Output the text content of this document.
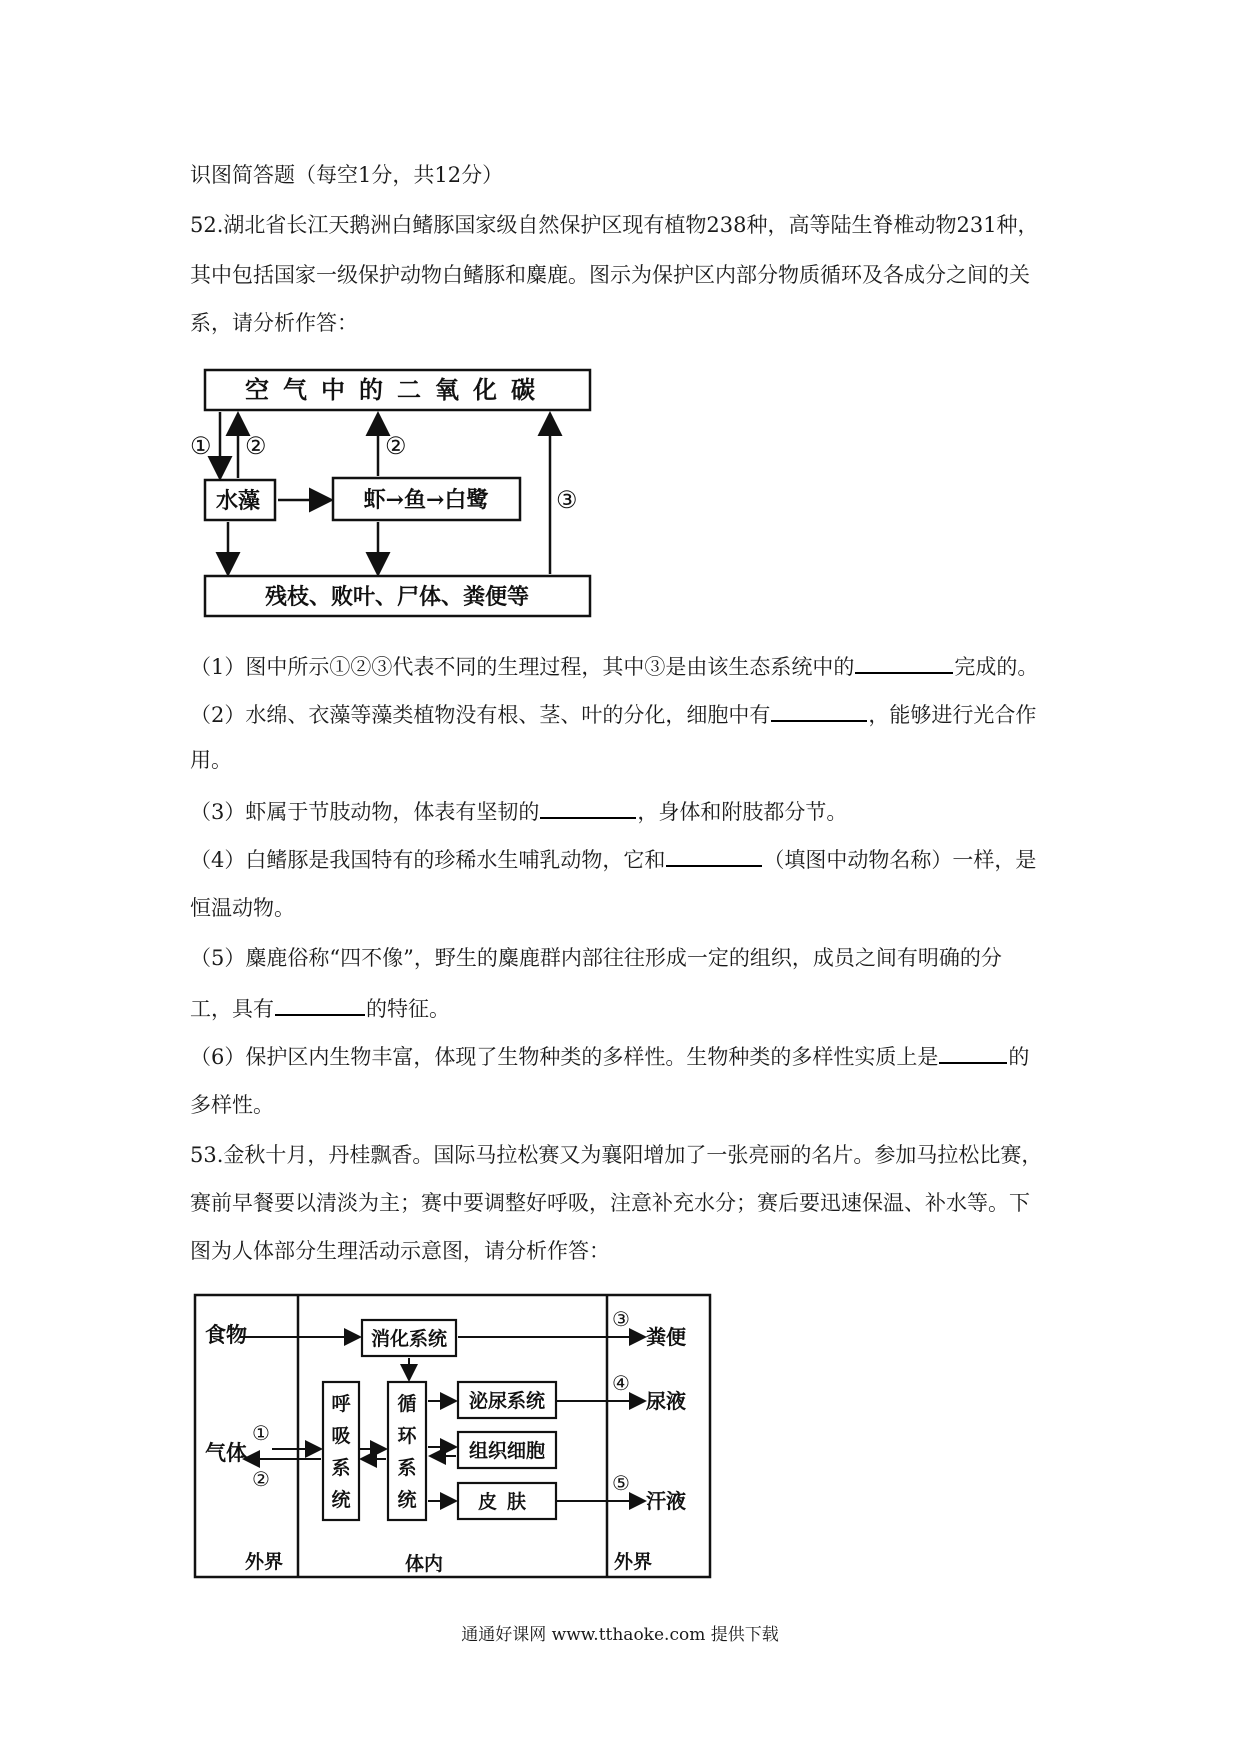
识图简答题（每空1分，共12分）
52.湖北省长江天鹅洲白鳍豚国家级自然保护区现有植物238种，高等陆生脊椎动物231种，
其中包括国家一级保护动物白鳍豚和麋鹿。图示为保护区内部分物质循环及各成分之间的关
系，请分析作答：
空气中的二氧化碳
水藻	虾→鱼→白鹭
残枝、败叶、尸体、粪便等
① ②	②
③
（1）图中所示①②③代表不同的生理过程，其中③是由该生态系统中的	完成的。
（2）水绵、衣藻等藻类植物没有根、茎、叶的分化，细胞中有	，能够进行光合作
用。
（3）虾属于节肢动物，体表有坚韧的	，身体和附肢都分节。
（4）白鳍豚是我国特有的珍稀水生哺乳动物，它和	（填图中动物名称）一样，是
恒温动物。
（5）麋鹿俗称“四不像”，野生的麋鹿群内部往往形成一定的组织，成员之间有明确的分
工，具有	的特征。
（6）保护区内生物丰富，体现了生物种类的多样性。生物种类的多样性实质上是	的
多样性。
53.金秋十月，丹桂飘香。国际马拉松赛又为襄阳增加了一张亮丽的名片。参加马拉松比赛，
赛前早餐要以清淡为主；赛中要调整好呼吸，注意补充水分；赛后要迅速保温、补水等。下
图为人体部分生理活动示意图，请分析作答：
食物
气体
消化系统
呼
吸
系
统
循
环
系
统
泌尿系统
组织细胞
皮肤
①
②
③
④
⑤
粪便
尿液
汗液
外界	体内	外界
通通好课网 www.tthaoke.com 提供下载
